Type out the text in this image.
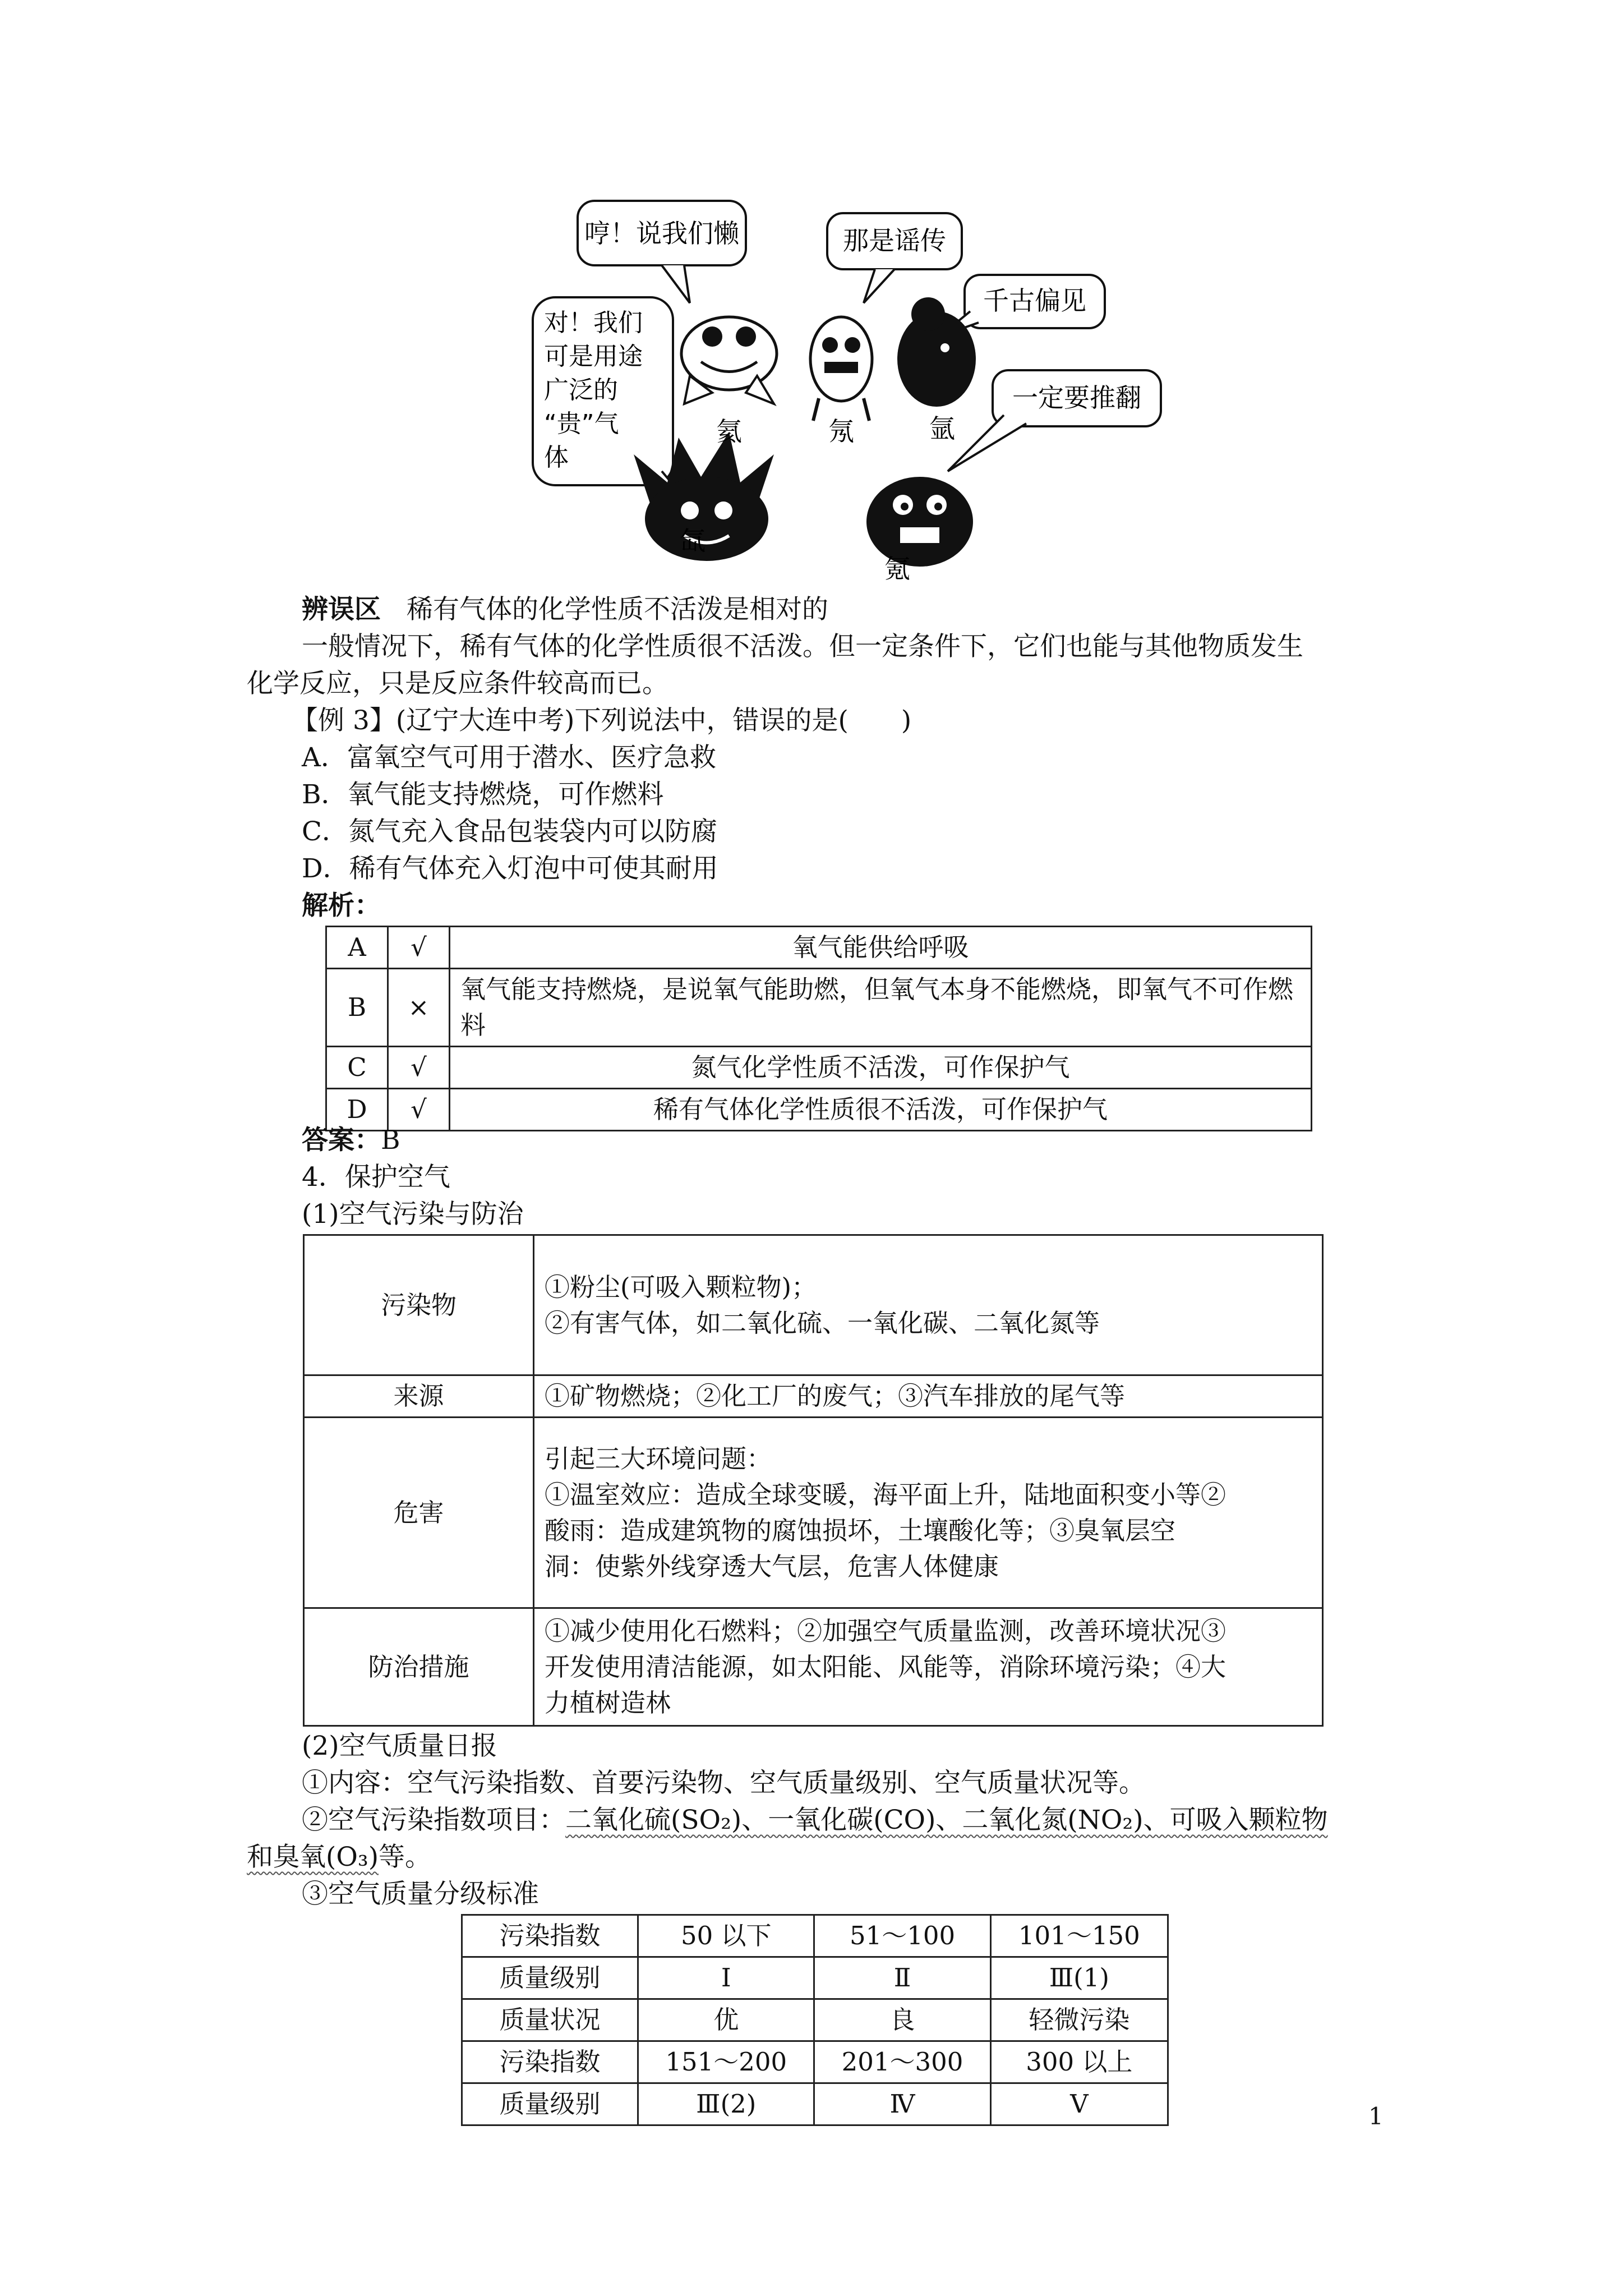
哼！说我们懒	那是谣传
千古偏见
一定要推翻
对！我们 可是用途 广泛的 “贵”气 体
氦	氖	氩
氙
氪
辨误区 稀有气体的化学性质不活泼是相对的
一般情况下，稀有气体的化学性质很不活泼。但一定条件下，它们也能与其他物质发生
化学反应，只是反应条件较高而已。
【例 3】(辽宁大连中考)下列说法中，错误的是(　　)
A．富氧空气可用于潜水、医疗急救
B．氧气能支持燃烧，可作燃料
C．氮气充入食品包装袋内可以防腐
D．稀有气体充入灯泡中可使其耐用
解析：
A	√	氧气能供给呼吸
B	×	氧气能支持燃烧，是说氧气能助燃，但氧气本身不能燃烧，即氧气不可作燃料
C	√	氮气化学性质不活泼，可作保护气
D	√	稀有气体化学性质很不活泼，可作保护气
答案：B
4．保护空气
(1)空气污染与防治
污染物	①粉尘(可吸入颗粒物)；
②有害气体，如二氧化硫、一氧化碳、二氧化氮等

来源	①矿物燃烧；②化工厂的废气；③汽车排放的尾气等
危害	引起三大环境问题：
①温室效应：造成全球变暖，海平面上升，陆地面积变小等②
酸雨：造成建筑物的腐蚀损坏，土壤酸化等；③臭氧层空
洞：使紫外线穿透大气层，危害人体健康

防治措施	①减少使用化石燃料；②加强空气质量监测，改善环境状况③
开发使用清洁能源，如太阳能、风能等，消除环境污染；④大
力植树造林
(2)空气质量日报
①内容：空气污染指数、首要污染物、空气质量级别、空气质量状况等。
②空气污染指数项目：二氧化硫(SO₂)、一氧化碳(CO)、二氧化氮(NO₂)、可吸入颗粒物
和臭氧(O₃)等。
③空气质量分级标准
污染指数	50 以下	51～100	101～150
质量级别	Ⅰ	Ⅱ	Ⅲ(1)
质量状况	优	良	轻微污染
污染指数	151～200	201～300	300 以上
质量级别	Ⅲ(2)	Ⅳ	Ⅴ	1
